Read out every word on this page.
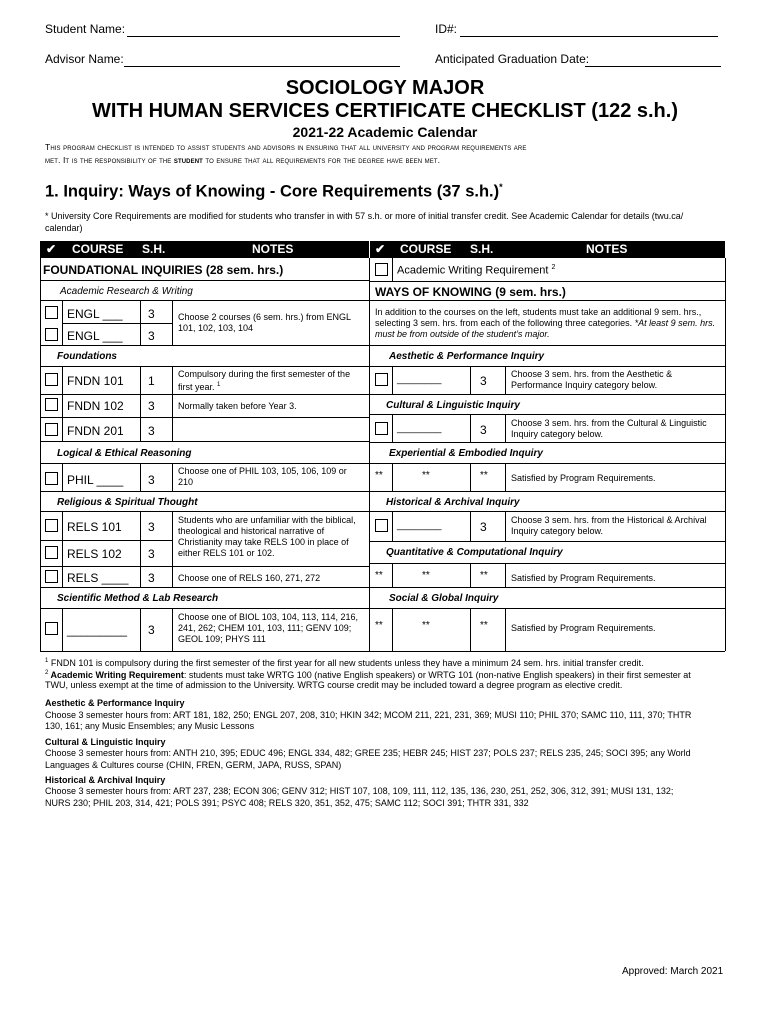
Student Name:	ID#:
Advisor Name:	Anticipated Graduation Date:
SOCIOLOGY MAJOR
WITH HUMAN SERVICES CERTIFICATE CHECKLIST (122 s.h.)
2021-22 Academic Calendar
This program checklist is intended to assist students and advisors in ensuring that all university and program requirements are
met. It is the responsibility of the student to ensure that all requirements for the degree have been met.
1. Inquiry: Ways of Knowing - Core Requirements (37 s.h.)*
* University Core Requirements are modified for students who transfer in with 57 s.h. or more of initial transfer credit. See Academic Calendar for details (twu.ca/
calendar)
✔ COURSE S.H.	NOTES	✔ COURSE S.H.	NOTES
FOUNDATIONAL INQUIRIES (28 sem. hrs.)
Academic Research & Writing
ENGL ___ 3
ENGL ___ 3
Choose 2 courses (6 sem. hrs.) from ENGL 101, 102, 103, 104
Foundations
FNDN 101 1	Compulsory during the first semester of the first year. $^1$
FNDN 102 3	Normally taken before Year 3.
FNDN 201 3
Logical & Ethical Reasoning
PHIL ____ 3
Choose one of PHIL 103, 105, 106, 109 or 210
Religious & Spiritual Thought
RELS 101 3
RELS 102 3
Students who are unfamiliar with the biblical, theological and historical narrative of Christianity may take RELS 100 in place of either RELS 101 or 102.
RELS ____ 3	Choose one of RELS 160, 271, 272
Scientific Method & Lab Research
_________ 3
Choose one of BIOL 103, 104, 113, 114, 216, 241, 262; CHEM 101, 103, 111; GENV 109; GEOL 109; PHYS 111
Academic Writing Requirement $^2$
WAYS OF KNOWING (9 sem. hrs.)
In addition to the courses on the left, students must take an additional 9 sem. hrs., selecting 3 sem. hrs. from each of the following three categories. *At least 9 sem. hrs. must be from outside of the student’s major.
Aesthetic & Performance Inquiry
________	3	Choose 3 sem. hrs. from the Aesthetic & Performance Inquiry category below.
Cultural & Linguistic Inquiry
________	3	Choose 3 sem. hrs. from the Cultural & Linguistic Inquiry category below.
Experiential & Embodied Inquiry
**	**	**	Satisfied by Program Requirements.
Historical & Archival Inquiry
________	3	Choose 3 sem. hrs. from the Historical & Archival Inquiry category below.
Quantitative & Computational Inquiry
**	**	**	Satisfied by Program Requirements.
Social & Global Inquiry
**	**	**	Satisfied by Program Requirements.
$^1$ FNDN 101 is compulsory during the first semester of the first year for all new students unless they have a minimum 24 sem. hrs. initial transfer credit.
$^2$ Academic Writing Requirement: students must take WRTG 100 (native English speakers) or WRTG 101 (non-native English speakers) in their first semester at
TWU, unless exempt at the time of admission to the University. WRTG course credit may be included toward a degree program as elective credit.
Aesthetic & Performance Inquiry
Choose 3 semester hours from: ART 181, 182, 250; ENGL 207, 208, 310; HKIN 342; MCOM 211, 221, 231, 369; MUSI 110; PHIL 370; SAMC 110, 111, 370; THTR
130, 161; any Music Ensembles; any Music Lessons
Cultural & Linguistic Inquiry
Choose 3 semester hours from: ANTH 210, 395; EDUC 496; ENGL 334, 482; GREE 235; HEBR 245; HIST 237; POLS 237; RELS 235, 245; SOCI 395; any World
Languages & Cultures course (CHIN, FREN, GERM, JAPA, RUSS, SPAN)
Historical & Archival Inquiry
Choose 3 semester hours from: ART 237, 238; ECON 306; GENV 312; HIST 107, 108, 109, 111, 112, 135, 136, 230, 251, 252, 306, 312, 391; MUSI 131, 132;
NURS 230; PHIL 203, 314, 421; POLS 391; PSYC 408; RELS 320, 351, 352, 475; SAMC 112; SOCI 391; THTR 331, 332
Approved: March 2021
